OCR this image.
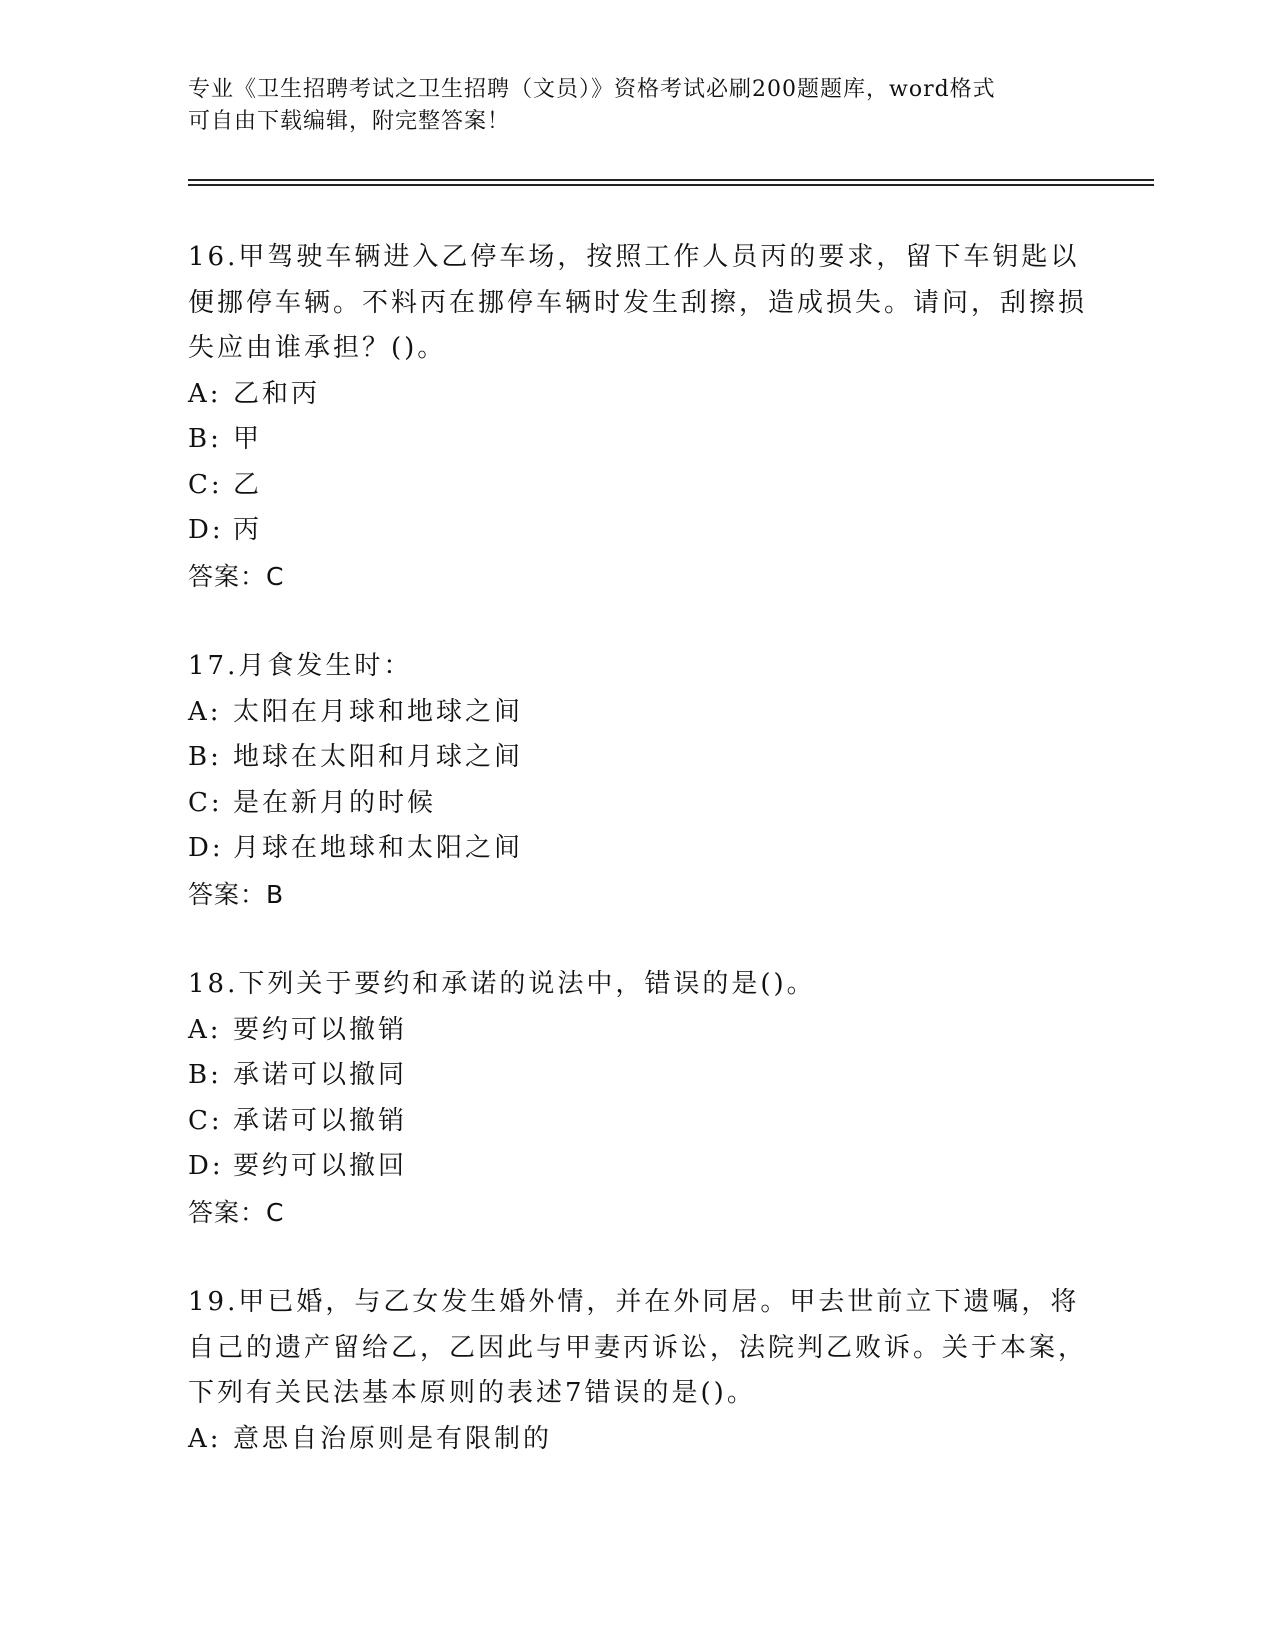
专业《卫生招聘考试之卫生招聘（文员）》资格考试必刷200题题库，word格式
可自由下载编辑，附完整答案！

16.甲驾驶车辆进入乙停车场，按照工作人员丙的要求，留下车钥匙以便挪停车辆。不料丙在挪停车辆时发生刮擦，造成损失。请问，刮擦损失应由谁承担？()。

A: 乙和丙

B: 甲

C: 乙

D: 丙

答案：C

17.月食发生时：

A: 太阳在月球和地球之间

B: 地球在太阳和月球之间

C: 是在新月的时候

D: 月球在地球和太阳之间

答案：B

18.下列关于要约和承诺的说法中，错误的是()。

A: 要约可以撤销

B: 承诺可以撤同

C: 承诺可以撤销

D: 要约可以撤回

答案：C

19.甲已婚，与乙女发生婚外情，并在外同居。甲去世前立下遗嘱，将自己的遗产留给乙，乙因此与甲妻丙诉讼，法院判乙败诉。关于本案，下列有关民法基本原则的表述7错误的是()。

A: 意思自治原则是有限制的
